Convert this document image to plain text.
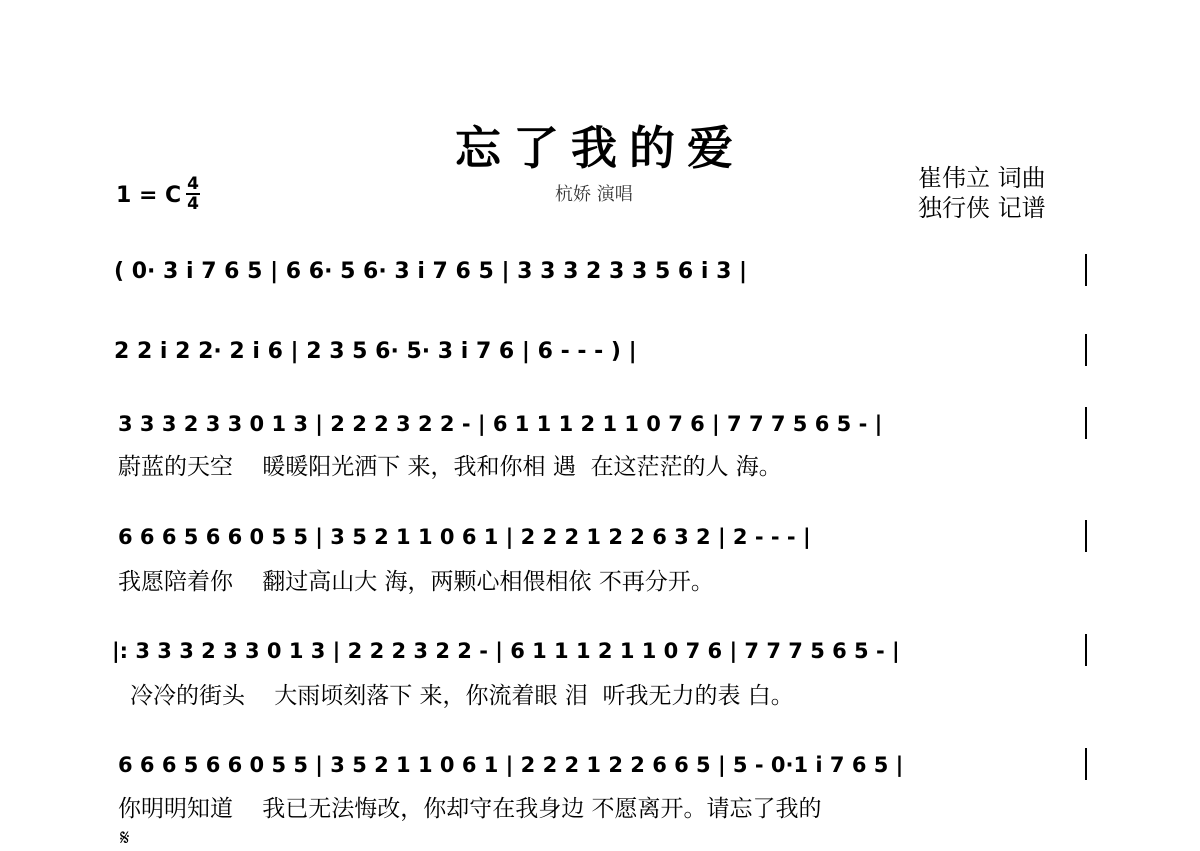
忘了我的爱
1 = C 4
4	杭娇 演唱
崔伟立 词曲
独行侠 记谱
( 0· 3 i 7 6 5 | 6 6· 5 6· 3 i 7 6 5 | 3 3 3 2 3 3 5 6 i 3 |
2 2 i 2 2· 2 i 6 | 2 3 5 6· 5· 3 i 7 6 | 6 - - - ) |
3 3 3 2 3 3 0 1 3 | 2 2 2 3 2 2 - | 6 1 1 1 2 1 1 0 7 6 | 7 7 7 5 6 5 - |
蔚蓝的天空    暖暖阳光洒下 来，我和你相 遇  在这茫茫的人 海。
6 6 6 5 6 6 0 5 5 | 3 5 2 1 1 0 6 1 | 2 2 2 1 2 2 6 3 2 | 2 - - - |
我愿陪着你    翻过高山大 海，两颗心相偎相依 不再分开。
|: 3 3 3 2 3 3 0 1 3 | 2 2 2 3 2 2 - | 6 1 1 1 2 1 1 0 7 6 | 7 7 7 5 6 5 - |
冷冷的街头    大雨顷刻落下 来，你流着眼 泪  听我无力的表 白。
6 6 6 5 6 6 0 5 5 | 3 5 2 1 1 0 6 1 | 2 2 2 1 2 2 6 6 5 | 5 - 0·1 i 7 6 5 |
你明明知道    我已无法悔改，你却守在我身边 不愿离开。请忘了我的
𝄋
